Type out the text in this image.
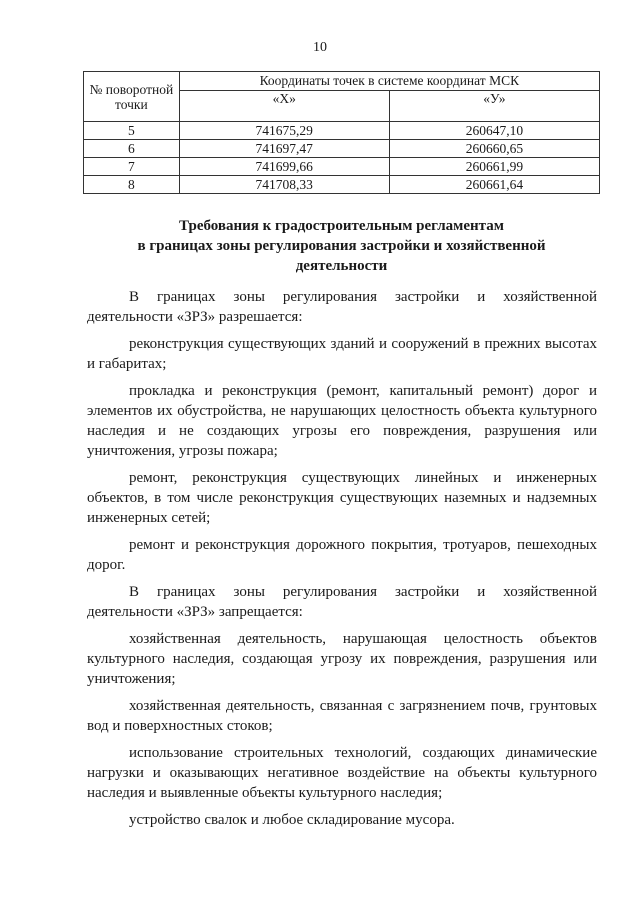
10
№ поворотной точки	Координаты точек в системе координат МСК	
	«X»	«У»
5	741675,29	260647,10
6	741697,47	260660,65
7	741699,66	260661,99
8	741708,33	260661,64
Требования к градостроительным регламентам
в границах зоны регулирования застройки и хозяйственной
деятельности

В границах зоны регулирования застройки и хозяйственной деятельности «ЗРЗ» разрешается:

реконструкция существующих зданий и сооружений в прежних высотах и габаритах;

прокладка и реконструкция (ремонт, капитальный ремонт) дорог и элементов их обустройства, не нарушающих целостность объекта культурного наследия и не создающих угрозы его повреждения, разрушения или уничтожения, угрозы пожара;

ремонт, реконструкция существующих линейных и инженерных объектов, в том числе реконструкция существующих наземных и надземных инженерных сетей;

ремонт и реконструкция дорожного покрытия, тротуаров, пешеходных дорог.

В границах зоны регулирования застройки и хозяйственной деятельности «ЗРЗ» запрещается:

хозяйственная деятельность, нарушающая целостность объектов культурного наследия, создающая угрозу их повреждения, разрушения или уничтожения;

хозяйственная деятельность, связанная с загрязнением почв, грунтовых вод и поверхностных стоков;

использование строительных технологий, создающих динамические нагрузки и оказывающих негативное воздействие на объекты культурного наследия и выявленные объекты культурного наследия;

устройство свалок и любое складирование мусора.
